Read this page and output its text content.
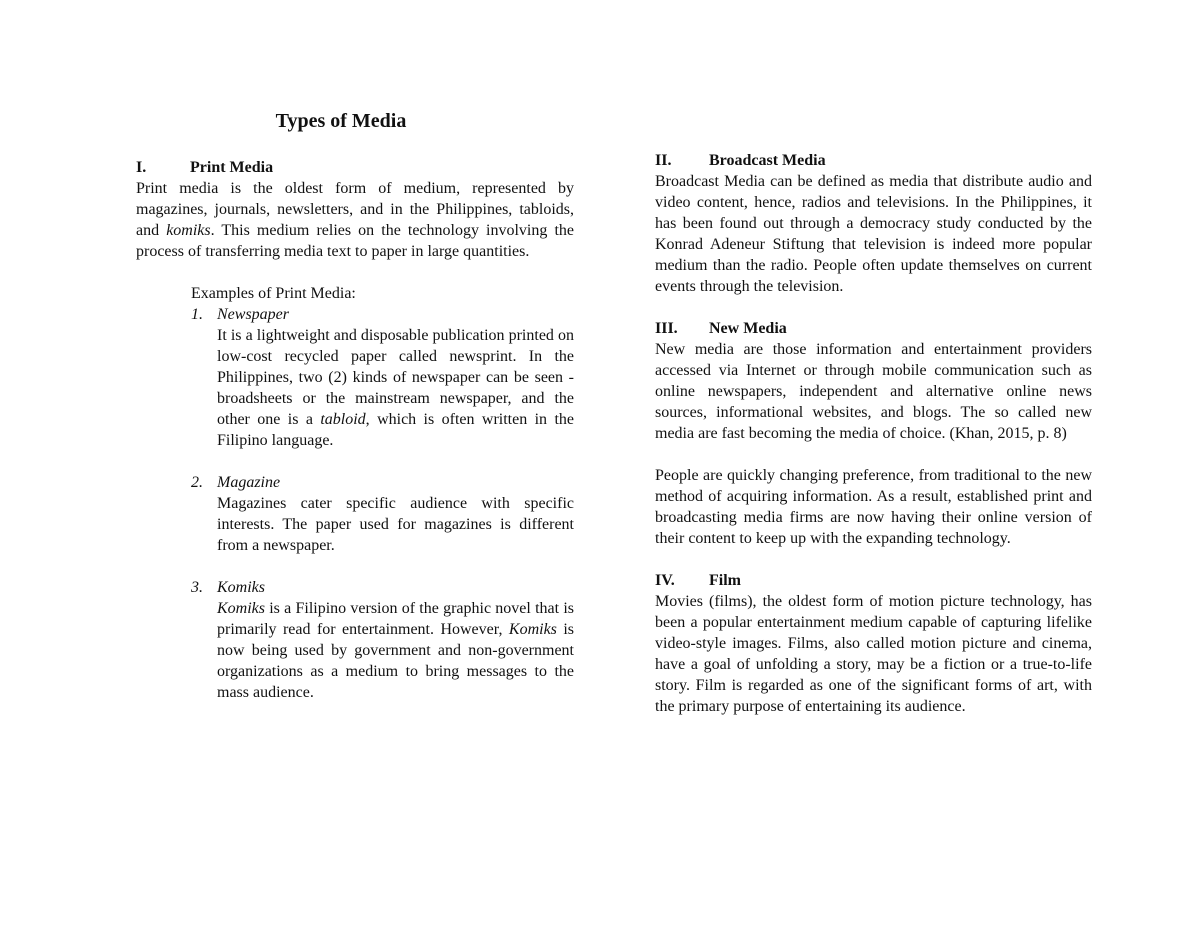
Types of Media
I.	Print Media

Print media is the oldest form of medium, represented by magazines, journals, newsletters, and in the Philippines, tabloids, and komiks. This medium relies on the technology involving the process of transferring media text to paper in large quantities.

Examples of Print Media:

1. Newspaper

It is a lightweight and disposable publication printed on low-cost recycled paper called newsprint. In the Philippines, two (2) kinds of newspaper can be seen - broadsheets or the mainstream newspaper, and the other one is a tabloid, which is often written in the Filipino language.

2. Magazine

Magazines cater specific audience with specific interests. The paper used for magazines is different from a newspaper.

3. Komiks

Komiks is a Filipino version of the graphic novel that is primarily read for entertainment. However, Komiks is now being used by government and non-government organizations as a medium to bring messages to the mass audience.

II.	Broadcast Media

Broadcast Media can be defined as media that distribute audio and video content, hence, radios and televisions. In the Philippines, it has been found out through a democracy study conducted by the Konrad Adeneur Stiftung that television is indeed more popular medium than the radio. People often update themselves on current events through the television.

III.	New Media

New media are those information and entertainment providers accessed via Internet or through mobile communication such as online newspapers, independent and alternative online news sources, informational websites, and blogs. The so called new media are fast becoming the media of choice. (Khan, 2015, p. 8)

People are quickly changing preference, from traditional to the new method of acquiring information. As a result, established print and broadcasting media firms are now having their online version of their content to keep up with the expanding technology.

IV.	Film

Movies (films), the oldest form of motion picture technology, has been a popular entertainment medium capable of capturing lifelike video-style images. Films, also called motion picture and cinema, have a goal of unfolding a story, may be a fiction or a true-to-life story. Film is regarded as one of the significant forms of art, with the primary purpose of entertaining its audience.
